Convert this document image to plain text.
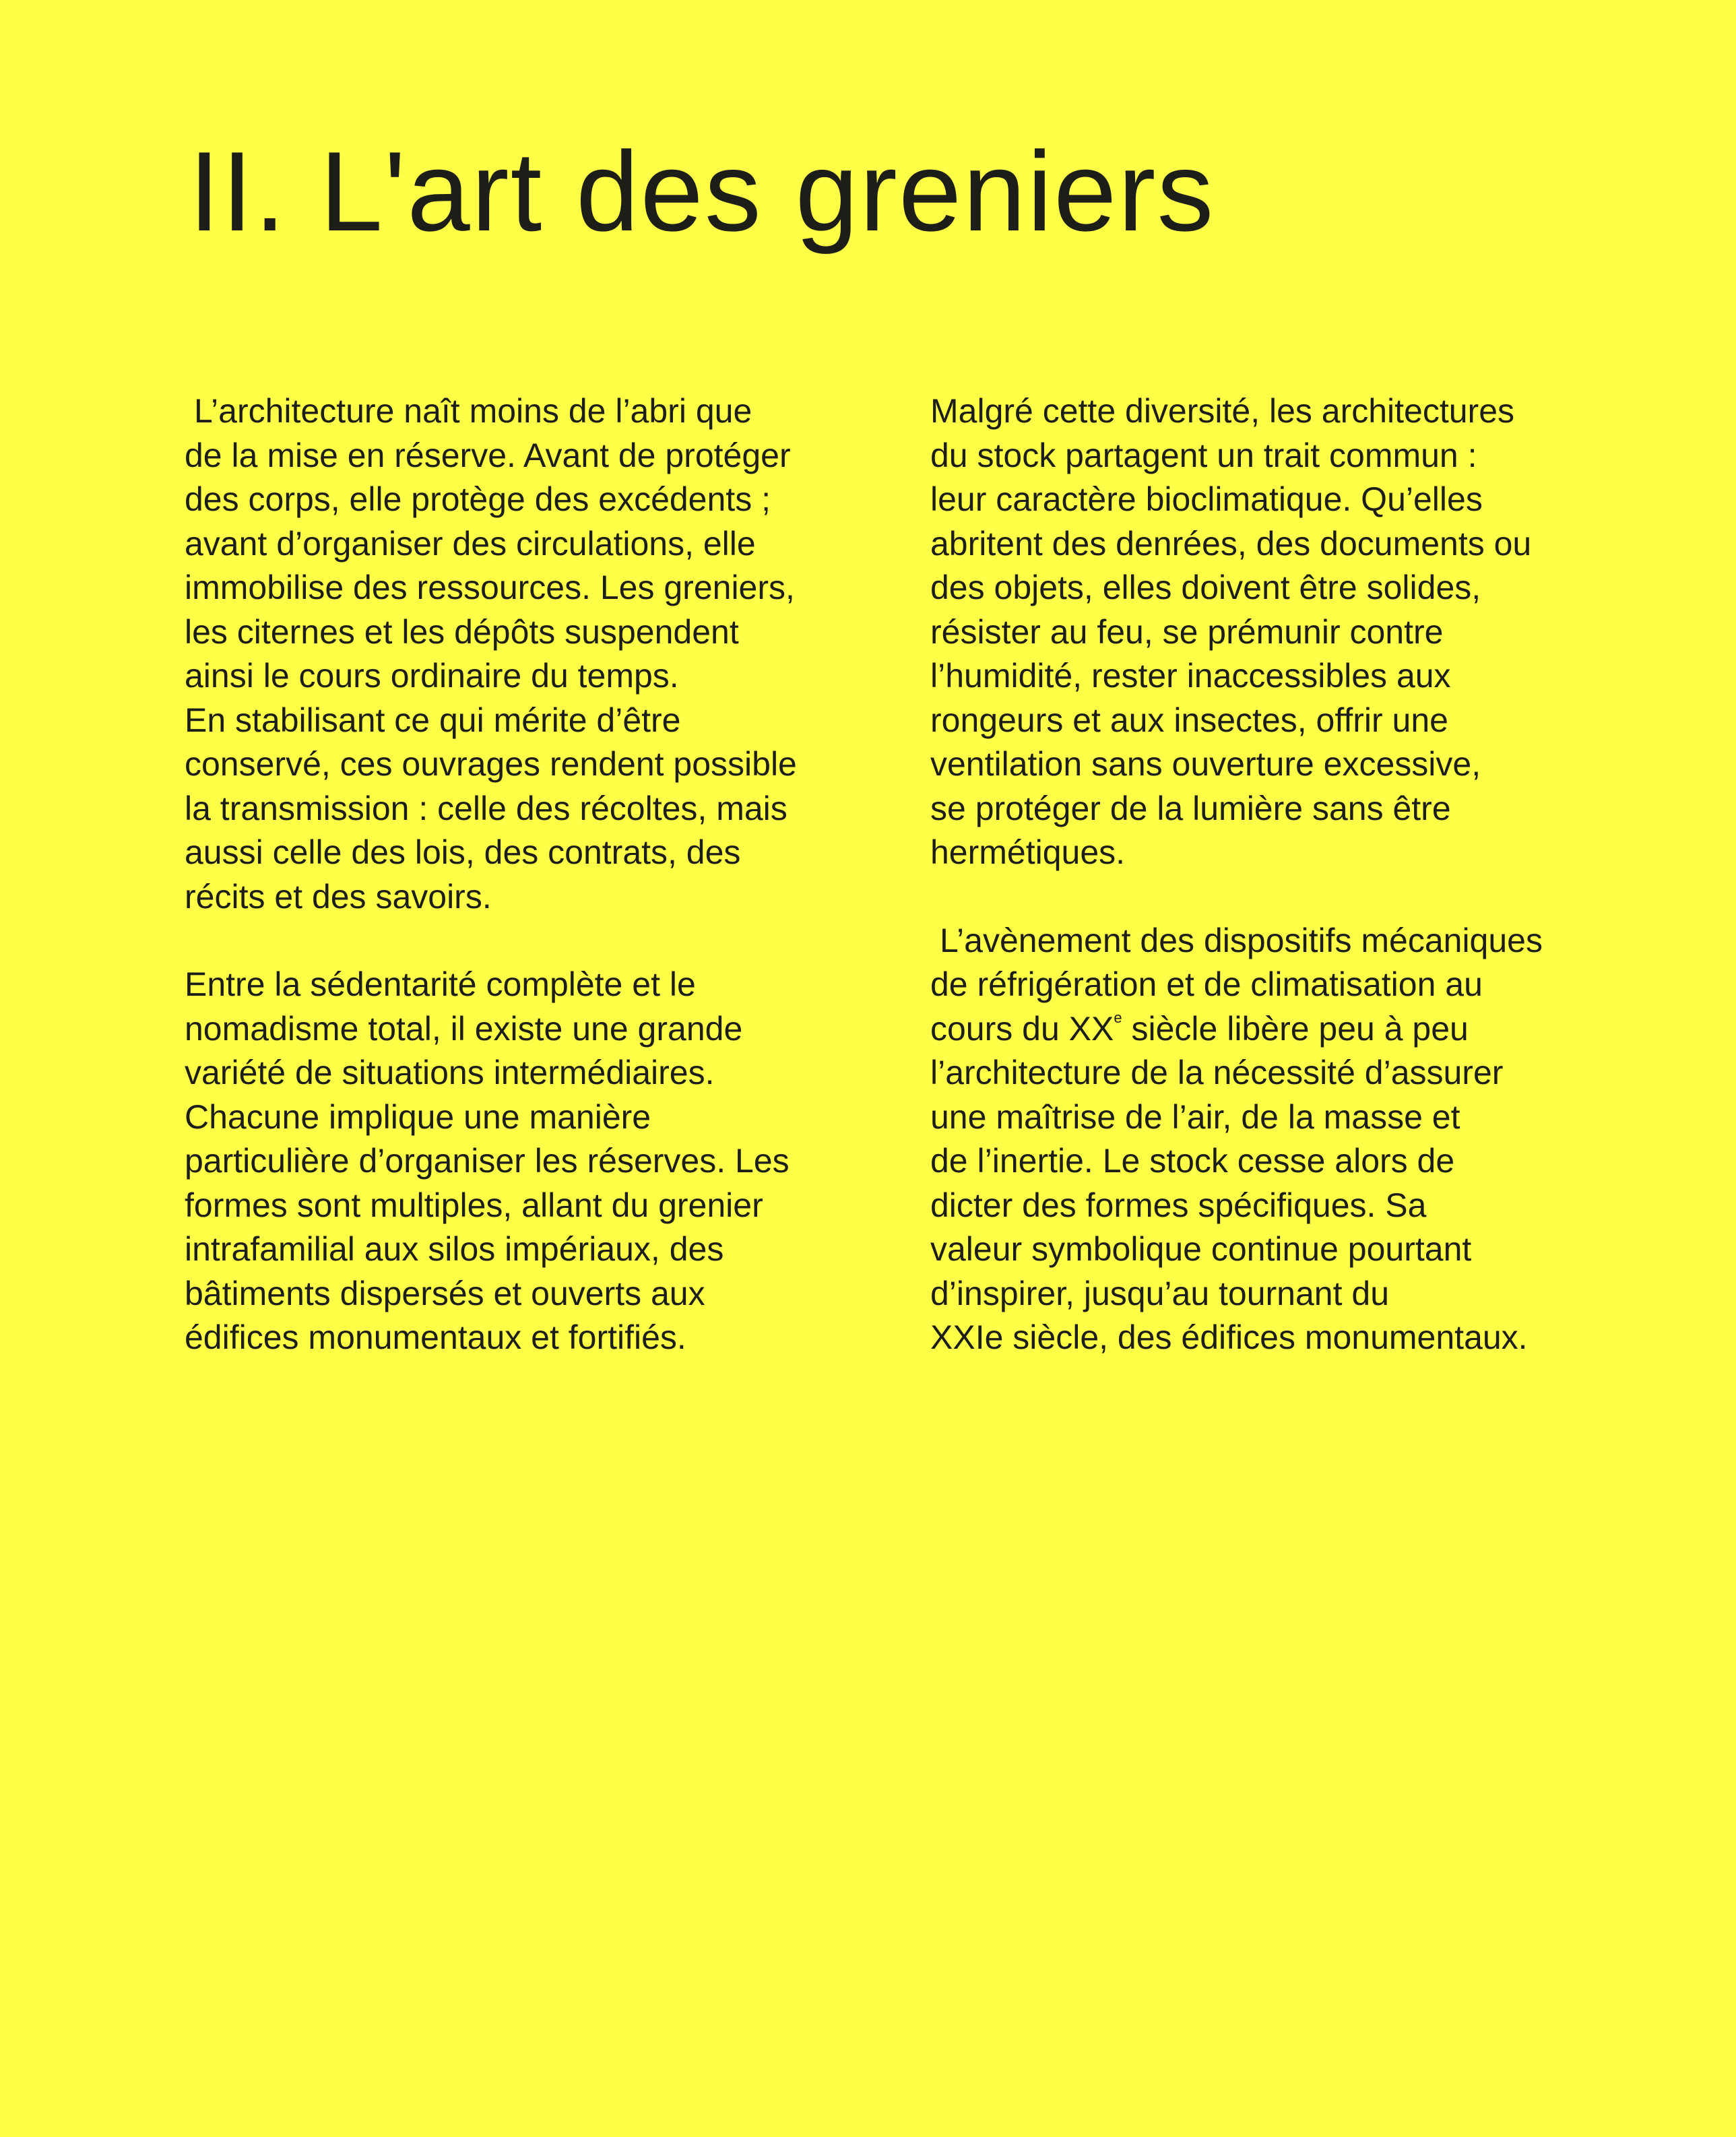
II. L'art des greniers

L’architecture naît moins de l’abri que
de la mise en réserve. Avant de protéger
des corps, elle protège des excédents ;
avant d’organiser des circulations, elle
immobilise des ressources. Les greniers,
les citernes et les dépôts suspendent
ainsi le cours ordinaire du temps.
En stabilisant ce qui mérite d’être
conservé, ces ouvrages rendent possible
la transmission : celle des récoltes, mais
aussi celle des lois, des contrats, des
récits et des savoirs.

Entre la sédentarité complète et le
nomadisme total, il existe une grande
variété de situations intermédiaires.
Chacune implique une manière
particulière d’organiser les réserves. Les
formes sont multiples, allant du grenier
intrafamilial aux silos impériaux, des
bâtiments dispersés et ouverts aux
édifices monumentaux et fortifiés.

Malgré cette diversité, les architectures
du stock partagent un trait commun :
leur caractère bioclimatique. Qu’elles
abritent des denrées, des documents ou
des objets, elles doivent être solides,
résister au feu, se prémunir contre
l’humidité, rester inaccessibles aux
rongeurs et aux insectes, offrir une
ventilation sans ouverture excessive,
se protéger de la lumière sans être
hermétiques.

L’avènement des dispositifs mécaniques
de réfrigération et de climatisation au
cours du XXe siècle libère peu à peu
l’architecture de la nécessité d’assurer
une maîtrise de l’air, de la masse et
de l’inertie. Le stock cesse alors de
dicter des formes spécifiques. Sa
valeur symbolique continue pourtant
d’inspirer, jusqu’au tournant du
XXIe siècle, des édifices monumentaux.
